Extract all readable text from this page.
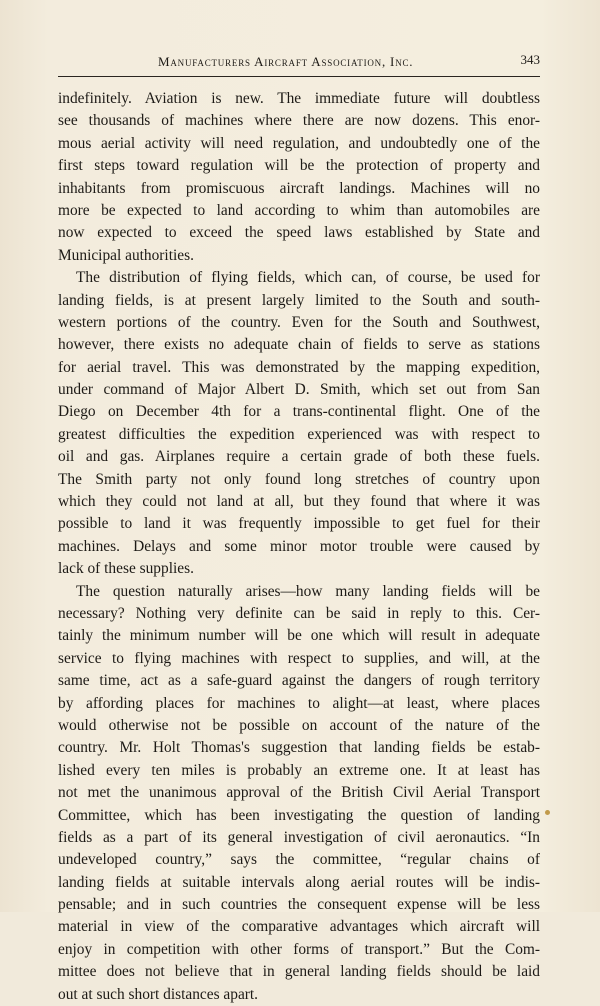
Manufacturers Aircraft Association, Inc.	343
indefinitely. Aviation is new. The immediate future will doubtless
see thousands of machines where there are now dozens. This enor-
mous aerial activity will need regulation, and undoubtedly one of the
first steps toward regulation will be the protection of property and
inhabitants from promiscuous aircraft landings. Machines will no
more be expected to land according to whim than automobiles are
now expected to exceed the speed laws established by State and
Municipal authorities.
The distribution of flying fields, which can, of course, be used for
landing fields, is at present largely limited to the South and south-
western portions of the country. Even for the South and Southwest,
however, there exists no adequate chain of fields to serve as stations
for aerial travel. This was demonstrated by the mapping expedition,
under command of Major Albert D. Smith, which set out from San
Diego on December 4th for a trans-continental flight. One of the
greatest difficulties the expedition experienced was with respect to
oil and gas. Airplanes require a certain grade of both these fuels.
The Smith party not only found long stretches of country upon
which they could not land at all, but they found that where it was
possible to land it was frequently impossible to get fuel for their
machines. Delays and some minor motor trouble were caused by
lack of these supplies.
The question naturally arises—how many landing fields will be
necessary? Nothing very definite can be said in reply to this. Cer-
tainly the minimum number will be one which will result in adequate
service to flying machines with respect to supplies, and will, at the
same time, act as a safe-guard against the dangers of rough territory
by affording places for machines to alight—at least, where places
would otherwise not be possible on account of the nature of the
country. Mr. Holt Thomas's suggestion that landing fields be estab-
lished every ten miles is probably an extreme one. It at least has
not met the unanimous approval of the British Civil Aerial Transport
Committee, which has been investigating the question of landing
fields as a part of its general investigation of civil aeronautics. “In
undeveloped country,” says the committee, “regular chains of
landing fields at suitable intervals along aerial routes will be indis-
pensable; and in such countries the consequent expense will be less
material in view of the comparative advantages which aircraft will
enjoy in competition with other forms of transport.” But the Com-
mittee does not believe that in general landing fields should be laid
out at such short distances apart.
